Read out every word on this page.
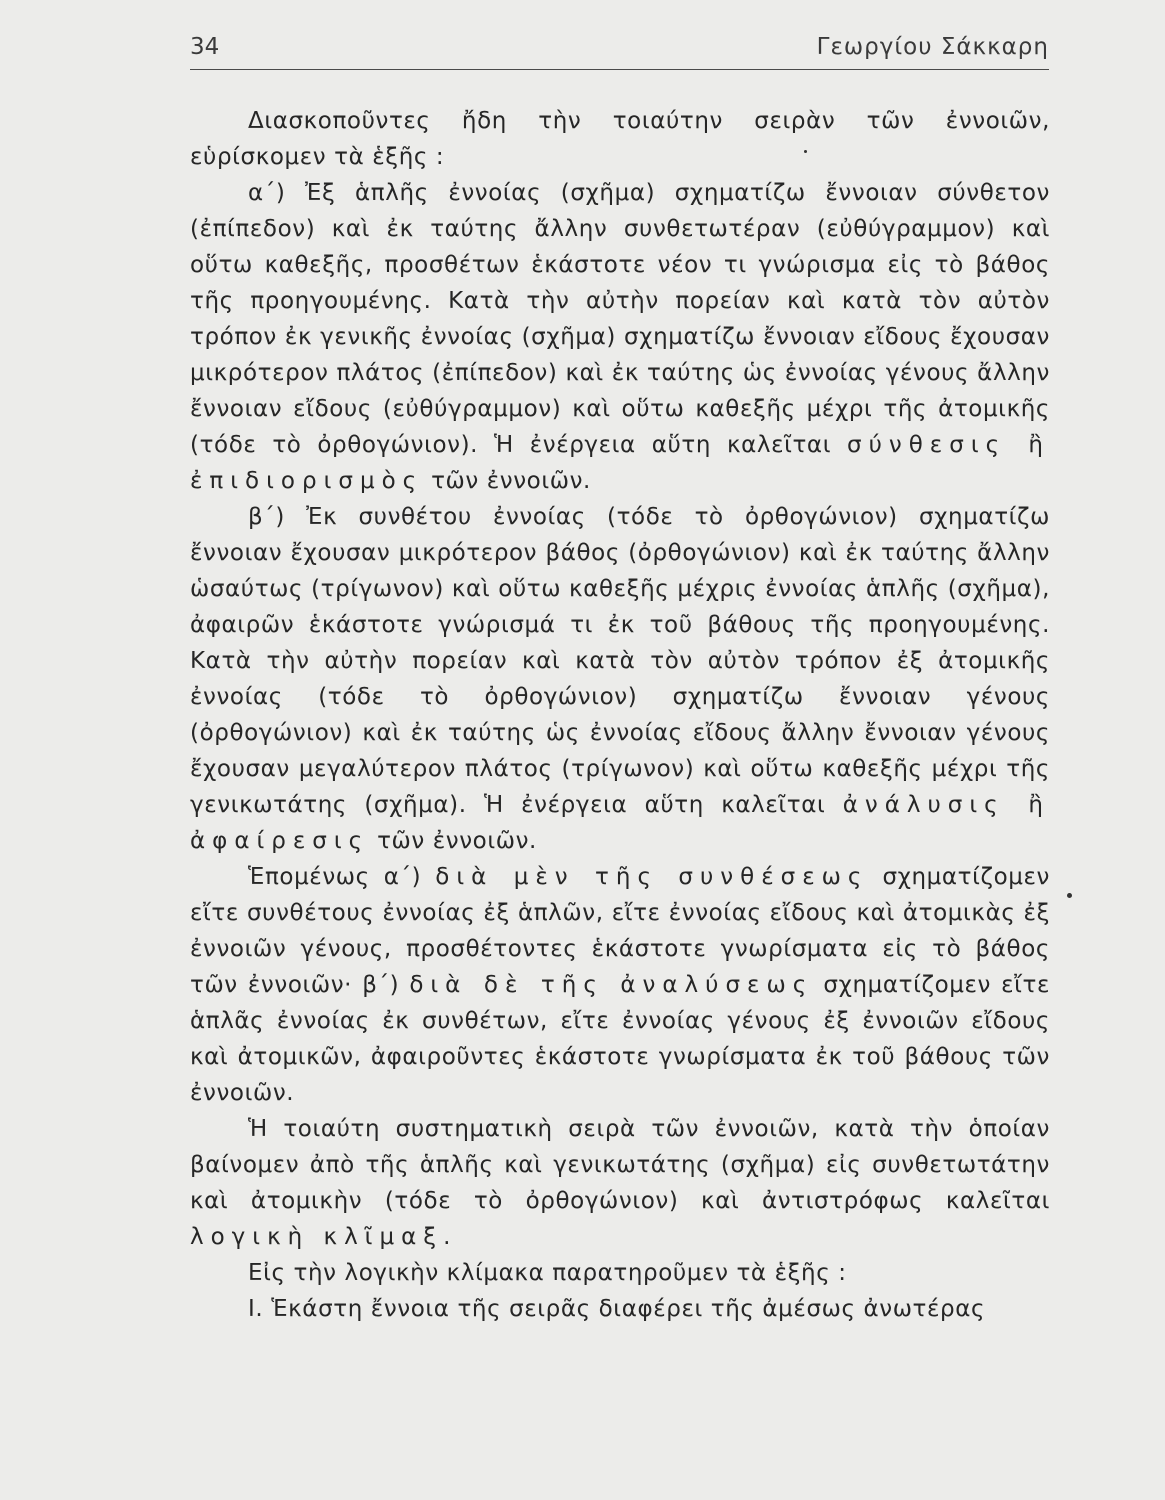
34	Γεωργίου Σάκκαρη

Διασκοποῦντες ἤδη τὴν τοιαύτην σειρὰν τῶν ἐννοιῶν, εὑρίσκομεν τὰ ἑξῆς :

α΄) Ἐξ ἁπλῆς ἐννοίας (σχῆμα) σχηματίζω ἔννοιαν σύνθετον (ἐπίπεδον) καὶ ἐκ ταύτης ἄλλην συνθετωτέραν (εὐθύγραμμον) καὶ οὕτω καθεξῆς, προσθέτων ἑκάστοτε νέον τι γνώρισμα εἰς τὸ βάθος τῆς προηγουμένης. Κατὰ τὴν αὐτὴν πορείαν καὶ κατὰ τὸν αὐτὸν τρόπον ἐκ γενικῆς ἐννοίας (σχῆμα) σχηματίζω ἔννοιαν εἴδους ἔχουσαν μικρότερον πλάτος (ἐπίπεδον) καὶ ἐκ ταύτης ὡς ἐννοίας γένους ἄλλην ἔννοιαν εἴδους (εὐθύγραμμον) καὶ οὕτω καθεξῆς μέχρι τῆς ἀτομικῆς (τόδε τὸ ὀρθογώνιον). Ἡ ἐνέργεια αὕτη καλεῖται σύνθεσις ἢ ἐπιδιορισμὸς τῶν ἐννοιῶν.

β΄) Ἐκ συνθέτου ἐννοίας (τόδε τὸ ὀρθογώνιον) σχηματίζω ἔννοιαν ἔχουσαν μικρότερον βάθος (ὀρθογώνιον) καὶ ἐκ ταύτης ἄλλην ὡσαύτως (τρίγωνον) καὶ οὕτω καθεξῆς μέχρις ἐννοίας ἁπλῆς (σχῆμα), ἀφαιρῶν ἑκάστοτε γνώρισμά τι ἐκ τοῦ βάθους τῆς προηγουμένης. Κατὰ τὴν αὐτὴν πορείαν καὶ κατὰ τὸν αὐτὸν τρόπον ἐξ ἀτομικῆς ἐννοίας (τόδε τὸ ὀρθογώνιον) σχηματίζω ἔννοιαν γένους (ὀρθογώνιον) καὶ ἐκ ταύτης ὡς ἐννοίας εἴδους ἄλλην ἔννοιαν γένους ἔχουσαν μεγαλύτερον πλάτος (τρίγωνον) καὶ οὕτω καθεξῆς μέχρι τῆς γενικωτάτης (σχῆμα). Ἡ ἐνέργεια αὕτη καλεῖται ἀνάλυσις ἢ ἀφαίρεσις τῶν ἐννοιῶν.

Ἑπομένως α΄) διὰ μὲν τῆς συνθέσεως σχηματίζομεν εἴτε συνθέτους ἐννοίας ἐξ ἁπλῶν, εἴτε ἐννοίας εἴδους καὶ ἀτομικὰς ἐξ ἐννοιῶν γένους, προσθέτοντες ἑκάστοτε γνωρίσματα εἰς τὸ βάθος τῶν ἐννοιῶν· β΄) διὰ δὲ τῆς ἀναλύσεως σχηματίζομεν εἴτε ἁπλᾶς ἐννοίας ἐκ συνθέτων, εἴτε ἐννοίας γένους ἐξ ἐννοιῶν εἴδους καὶ ἀτομικῶν, ἀφαιροῦντες ἑκάστοτε γνωρίσματα ἐκ τοῦ βάθους τῶν ἐννοιῶν.

Ἡ τοιαύτη συστηματικὴ σειρὰ τῶν ἐννοιῶν, κατὰ τὴν ὁποίαν βαίνομεν ἀπὸ τῆς ἁπλῆς καὶ γενικωτάτης (σχῆμα) εἰς συνθετωτάτην καὶ ἀτομικὴν (τόδε τὸ ὀρθογώνιον) καὶ ἀντιστρόφως καλεῖται λογικὴ κλῖμαξ.

Εἰς τὴν λογικὴν κλίμακα παρατηροῦμεν τὰ ἑξῆς :

Ι. Ἑκάστη ἔννοια τῆς σειρᾶς διαφέρει τῆς ἀμέσως ἀνωτέρας
